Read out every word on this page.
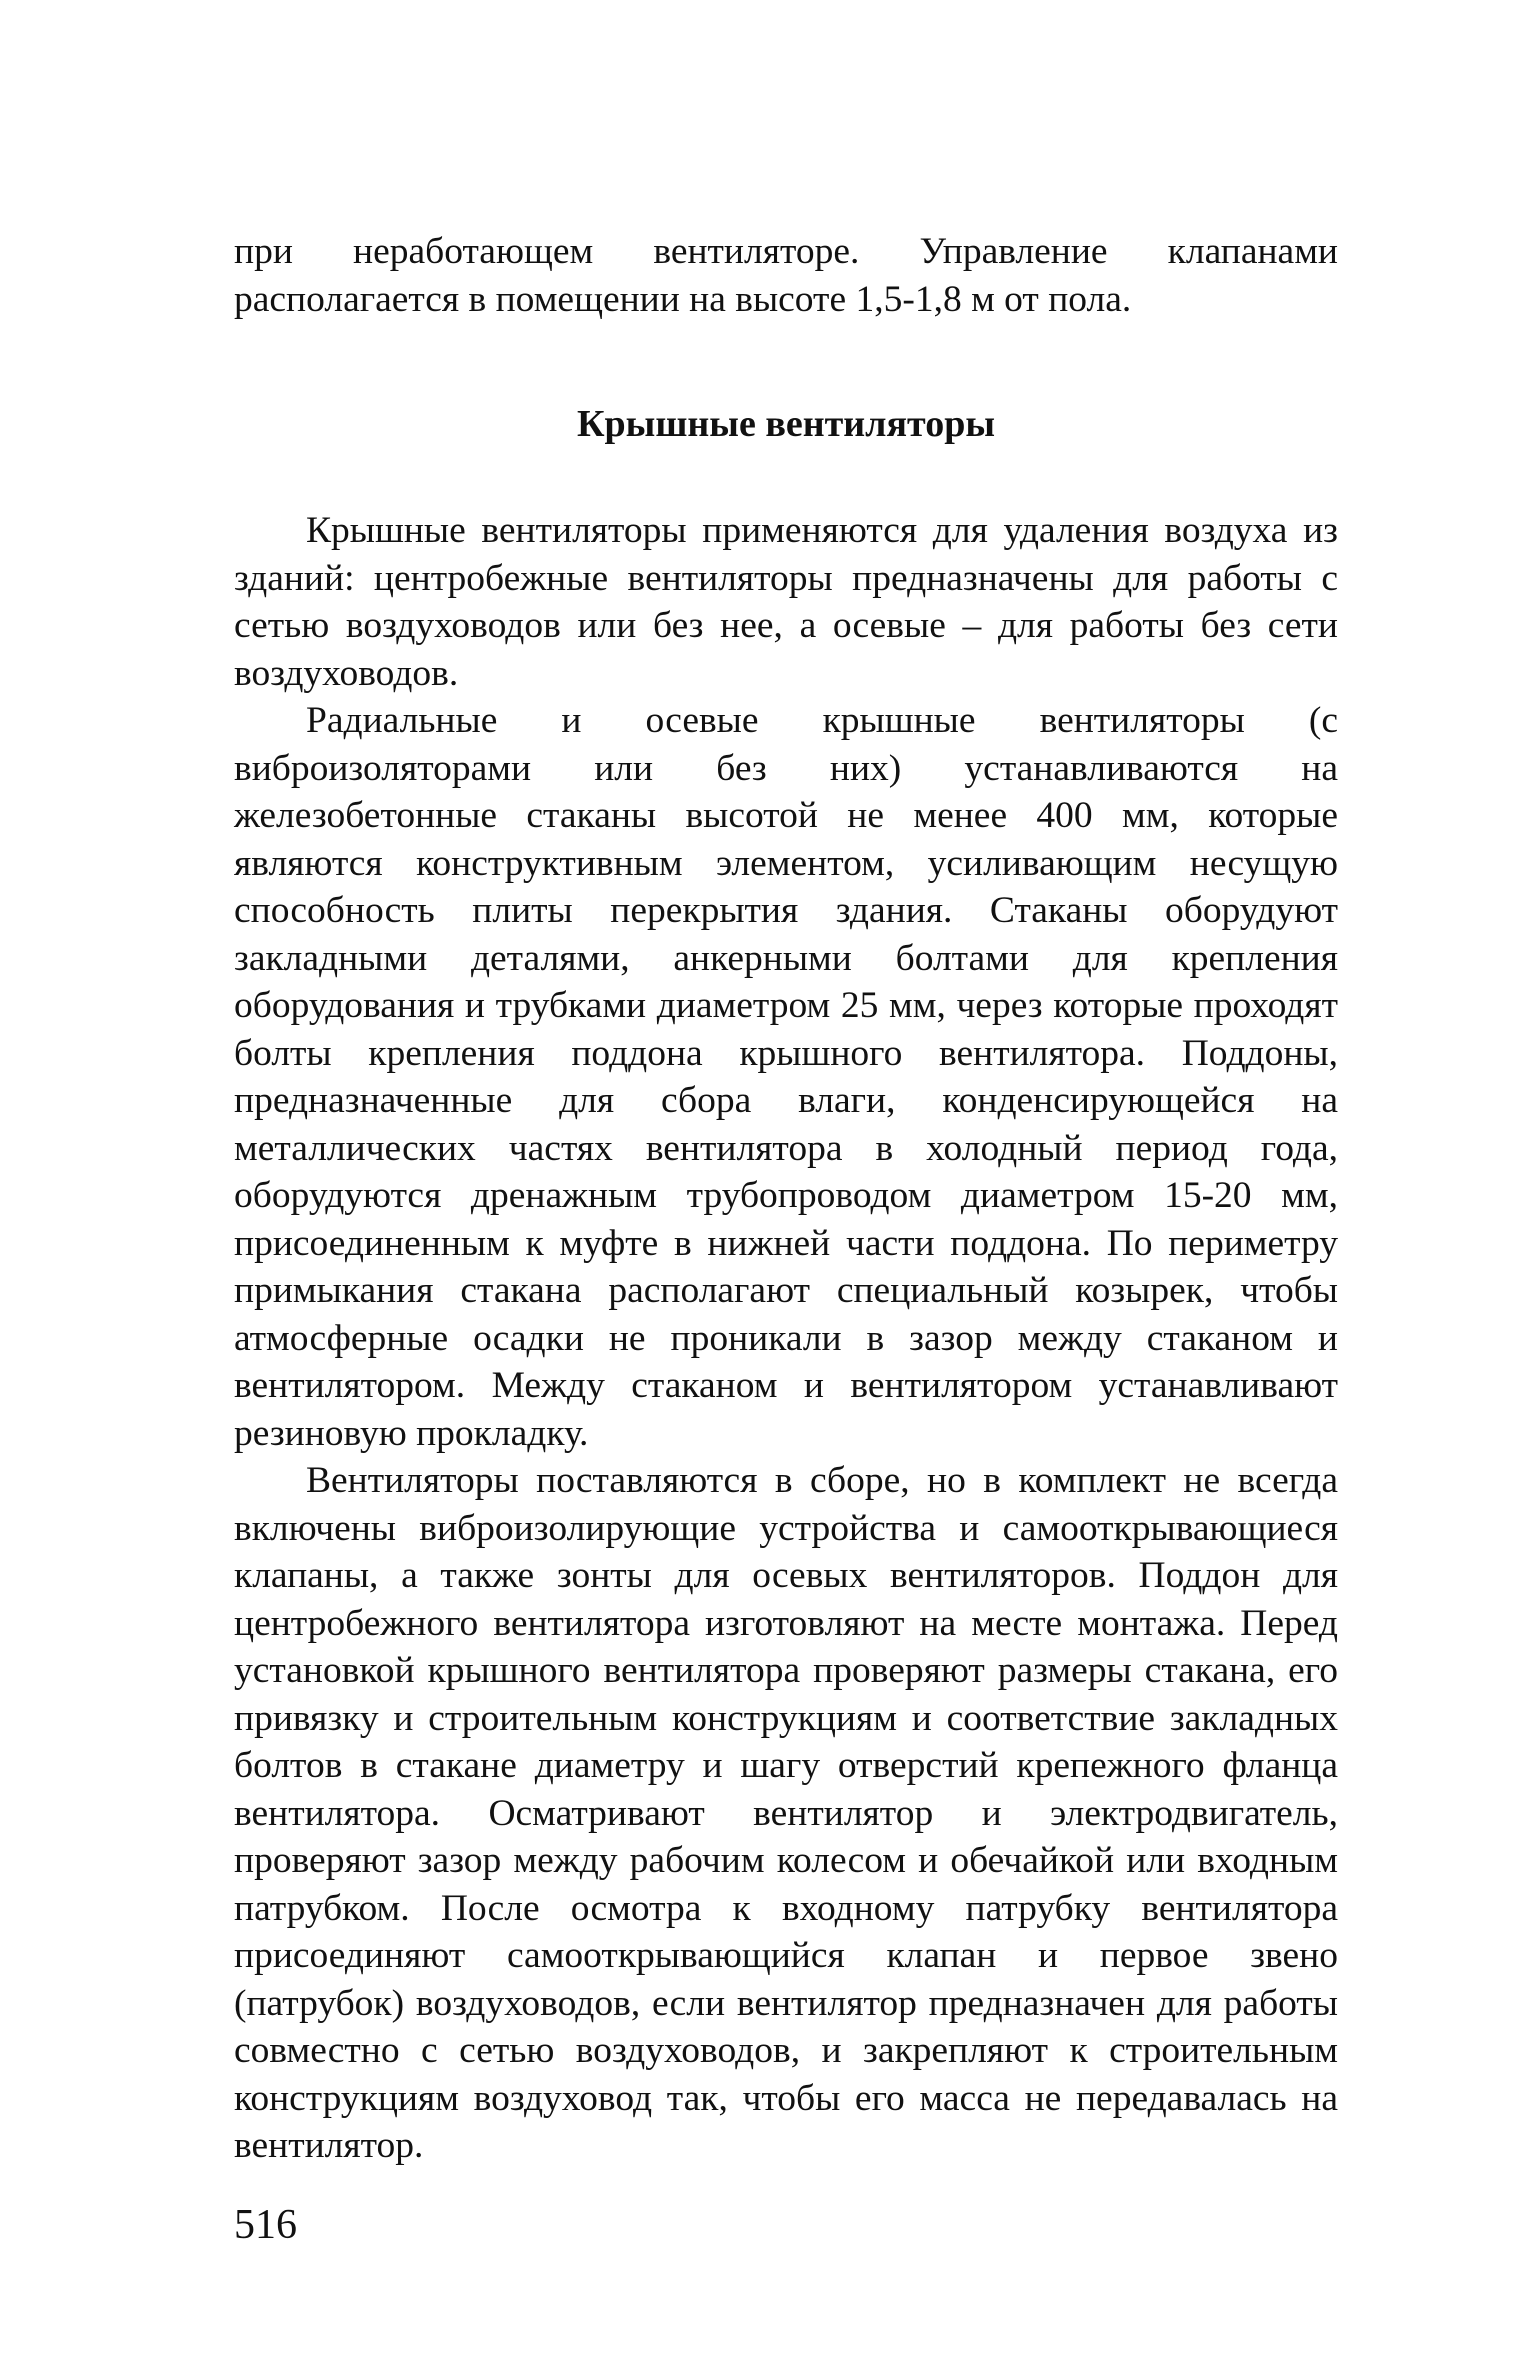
при неработающем вентиляторе. Управление клапанами располагается в помещении на высоте 1,5-1,8 м от пола.

Крышные вентиляторы

Крышные вентиляторы применяются для удаления воздуха из зданий: центробежные вентиляторы предназначены для работы с сетью воздуховодов или без нее, а осевые – для работы без сети воздуховодов.

Радиальные и осевые крышные вентиляторы (с виброизоляторами или без них) устанавливаются на железобетонные стаканы высотой не менее 400 мм, которые являются конструктивным элементом, усиливающим несущую способность плиты перекрытия здания. Стаканы оборудуют закладными деталями, анкерными болтами для крепления оборудования и трубками диаметром 25 мм, через которые проходят болты крепления поддона крышного вентилятора. Поддоны, предназначенные для сбора влаги, конденсирующейся на металлических частях вентилятора в холодный период года, оборудуются дренажным трубопроводом диаметром 15-20 мм, присоединенным к муфте в нижней части поддона. По периметру примыкания стакана располагают специальный козырек, чтобы атмосферные осадки не проникали в зазор между стаканом и вентилятором. Между стаканом и вентилятором устанавливают резиновую прокладку.

Вентиляторы поставляются в сборе, но в комплект не всегда включены виброизолирующие устройства и самооткрывающиеся клапаны, а также зонты для осевых вентиляторов. Поддон для центробежного вентилятора изготовляют на месте монтажа. Перед установкой крышного вентилятора проверяют размеры стакана, его привязку и строительным конструкциям и соответствие закладных болтов в стакане диаметру и шагу отверстий крепежного фланца вентилятора. Осматривают вентилятор и электродвигатель, проверяют зазор между рабочим колесом и обечайкой или входным патрубком. После осмотра к входному патрубку вентилятора присоединяют самооткрывающийся клапан и первое звено (патрубок) воздуховодов, если вентилятор предназначен для работы совместно с сетью воздуховодов, и закрепляют к строительным конструкциям воздуховод так, чтобы его масса не передавалась на вентилятор.

516
